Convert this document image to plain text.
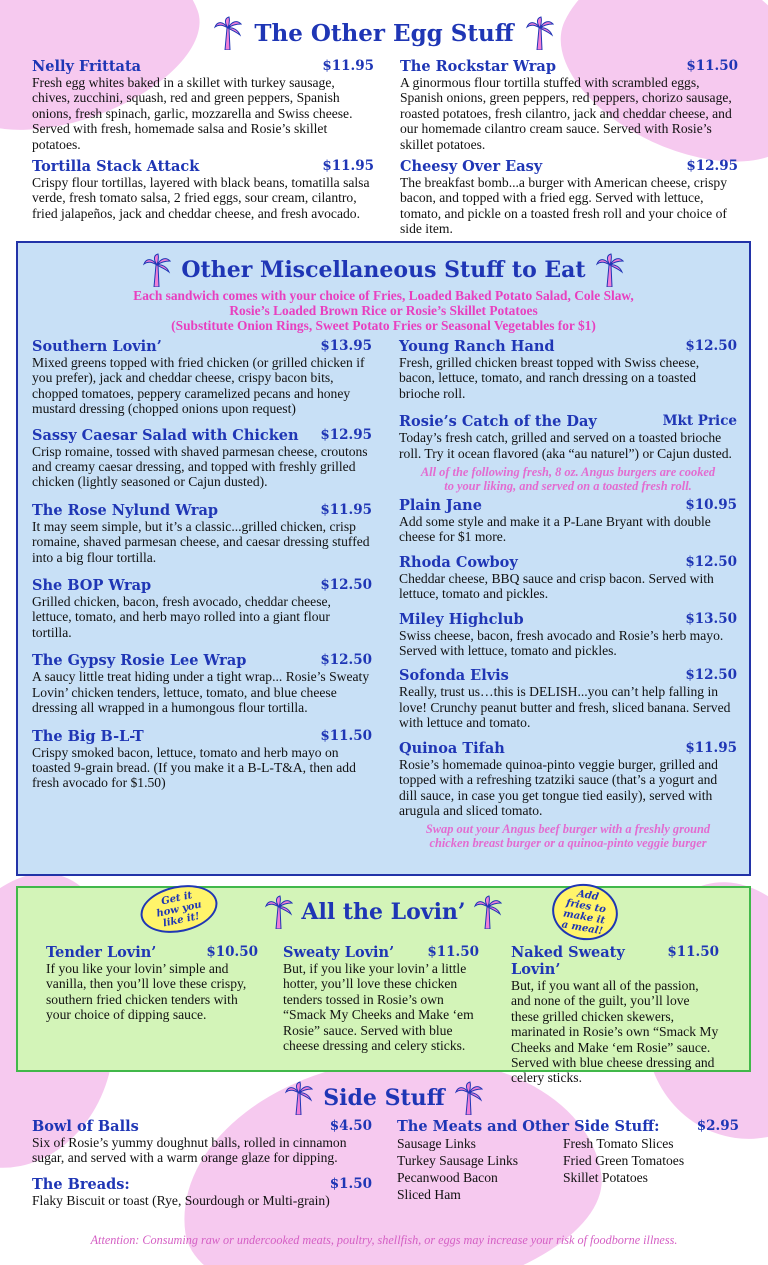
The Other Egg Stuff
Nelly Frittata	$11.95
Fresh egg whites baked in a skillet with turkey sausage, chives, zucchini, squash, red and green peppers, Spanish onions, fresh spinach, garlic, mozzarella and Swiss cheese. Served with fresh, homemade salsa and Rosie’s skillet potatoes.
Tortilla Stack Attack	$11.95
Crispy flour tortillas, layered with black beans, tomatilla salsa verde, fresh tomato salsa, 2 fried eggs, sour cream, cilantro, fried jalapeños, jack and cheddar cheese, and fresh avocado.
The Rockstar Wrap	$11.50
A ginormous flour tortilla stuffed with scrambled eggs, Spanish onions, green peppers, red peppers, chorizo sausage, roasted potatoes, fresh cilantro, jack and cheddar cheese, and our homemade cilantro cream sauce. Served with Rosie’s skillet potatoes.
Cheesy Over Easy	$12.95
The breakfast bomb...a burger with American cheese, crispy bacon, and topped with a fried egg. Served with lettuce, tomato, and pickle on a toasted fresh roll and your choice of side item.
Other Miscellaneous Stuff to Eat
Each sandwich comes with your choice of Fries, Loaded Baked Potato Salad, Cole Slaw,
Rosie’s Loaded Brown Rice or Rosie’s Skillet Potatoes
(Substitute Onion Rings, Sweet Potato Fries or Seasonal Vegetables for $1)
Southern Lovin’	$13.95
Mixed greens topped with fried chicken (or grilled chicken if you prefer), jack and cheddar cheese, crispy bacon bits, chopped tomatoes, peppery caramelized pecans and honey mustard dressing (chopped onions upon request)
Sassy Caesar Salad with Chicken $12.95
Crisp romaine, tossed with shaved parmesan cheese, croutons and creamy caesar dressing, and topped with freshly grilled chicken (lightly seasoned or Cajun dusted).
The Rose Nylund Wrap	$11.95
It may seem simple, but it’s a classic...grilled chicken, crisp romaine, shaved parmesan cheese, and caesar dressing stuffed into a big flour tortilla.
She BOP Wrap	$12.50
Grilled chicken, bacon, fresh avocado, cheddar cheese, lettuce, tomato, and herb mayo rolled into a giant flour tortilla.
The Gypsy Rosie Lee Wrap	$12.50
A saucy little treat hiding under a tight wrap... Rosie’s Sweaty Lovin’ chicken tenders, lettuce, tomato, and blue cheese dressing all wrapped in a humongous flour tortilla.
The Big B-L-T	$11.50
Crispy smoked bacon, lettuce, tomato and herb mayo on toasted 9-grain bread. (If you make it a B-L-T&A, then add fresh avocado for $1.50)
Young Ranch Hand	$12.50
Fresh, grilled chicken breast topped with Swiss cheese, bacon, lettuce, tomato, and ranch dressing on a toasted brioche roll.
Rosie’s Catch of the Day	Mkt Price
Today’s fresh catch, grilled and served on a toasted brioche roll. Try it ocean flavored (aka “au naturel”) or Cajun dusted.
All of the following fresh, 8 oz. Angus burgers are cooked
to your liking, and served on a toasted fresh roll.
Plain Jane	$10.95
Add some style and make it a P-Lane Bryant with double cheese for $1 more.
Rhoda Cowboy	$12.50
Cheddar cheese, BBQ sauce and crisp bacon. Served with lettuce, tomato and pickles.
Miley Highclub	$13.50
Swiss cheese, bacon, fresh avocado and Rosie’s herb mayo. Served with lettuce, tomato and pickles.
Sofonda Elvis	$12.50
Really, trust us…this is DELISH...you can’t help falling in love! Crunchy peanut butter and fresh, sliced banana. Served with lettuce and tomato.
Quinoa Tifah	$11.95
Rosie’s homemade quinoa-pinto veggie burger, grilled and topped with a refreshing tzatziki sauce (that’s a yogurt and dill sauce, in case you get tongue tied easily), served with arugula and sliced tomato.
Swap out your Angus beef burger with a freshly ground
chicken breast burger or a quinoa-pinto veggie burger
Get it how you like it!
Add fries to make it a meal!
All the Lovin’
Tender Lovin’	$10.50
If you like your lovin’ simple and vanilla, then you’ll love these crispy, southern fried chicken tenders with your choice of dipping sauce.
Sweaty Lovin’ $11.50
But, if you like your lovin’ a little hotter, you’ll love these chicken tenders tossed in Rosie’s own “Smack My Cheeks and Make ‘em Rosie” sauce. Served with blue cheese dressing and celery sticks.
Naked Sweaty Lovin’
$11.50
But, if you want all of the passion, and none of the guilt, you’ll love these grilled chicken skewers, marinated in Rosie’s own “Smack My Cheeks and Make ‘em Rosie” sauce. Served with blue cheese dressing and celery sticks.
Side Stuff
Bowl of Balls	$4.50
Six of Rosie’s yummy doughnut balls, rolled in cinnamon sugar, and served with a warm orange glaze for dipping.
The Breads:	$1.50
Flaky Biscuit or toast (Rye, Sourdough or Multi-grain)
The Meats and Other Side Stuff:	$2.95
Sausage Links
Turkey Sausage Links
Pecanwood Bacon
Sliced Ham
Fresh Tomato Slices
Fried Green Tomatoes
Skillet Potatoes
Attention: Consuming raw or undercooked meats, poultry, shellfish, or eggs may increase your risk of foodborne illness.
